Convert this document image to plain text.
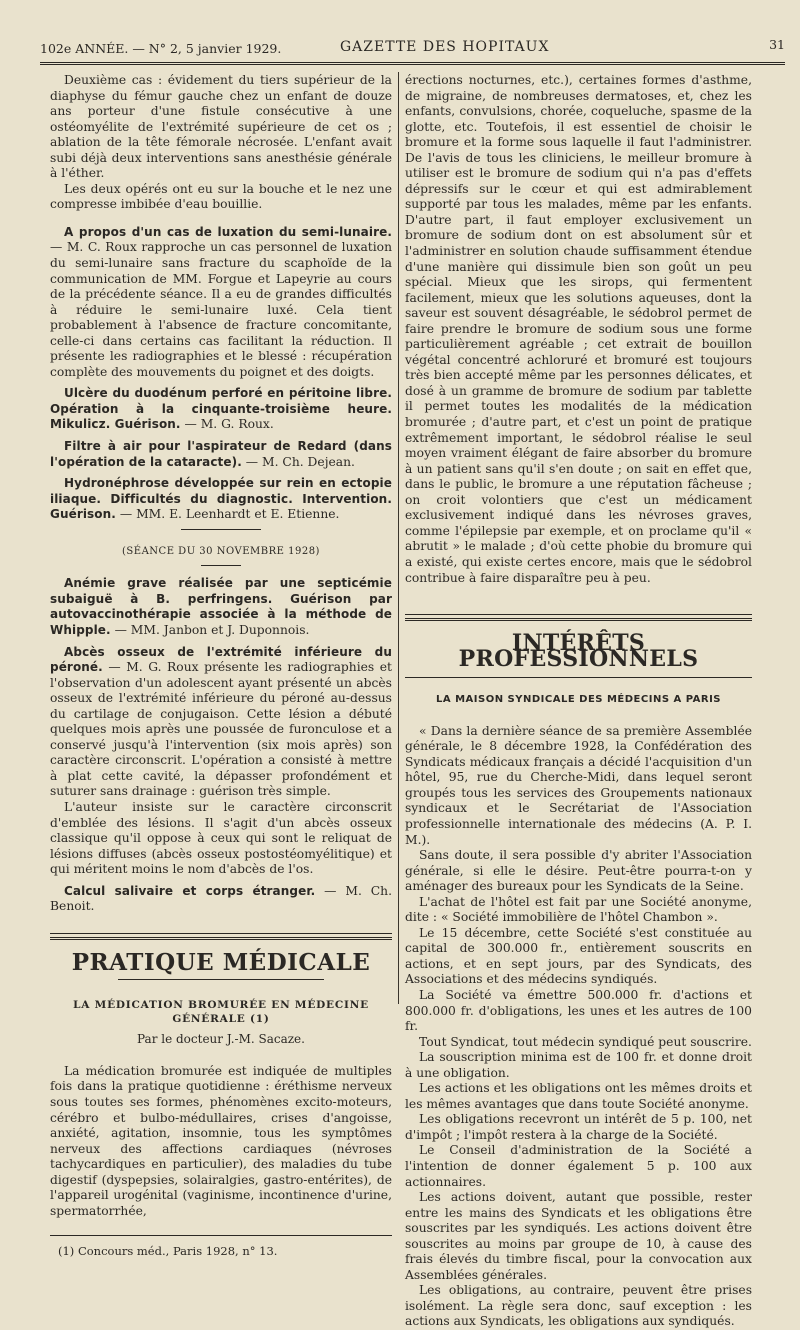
102e ANNÉE. — N° 2, 5 janvier 1929.	GAZETTE DES HOPITAUX	31

Deuxième cas : évidement du tiers supérieur de la diaphyse du fémur gauche chez un enfant de douze ans porteur d'une fistule consécutive à une ostéomyélite de l'extrémité supérieure de cet os ; ablation de la tête fémorale nécrosée. L'enfant avait subi déjà deux interventions sans anesthésie générale à l'éther.

Les deux opérés ont eu sur la bouche et le nez une compresse imbibée d'eau bouillie.

A propos d'un cas de luxation du semi-lunaire. — M. C. Roux rapproche un cas personnel de luxation du semi-lunaire sans fracture du scaphoïde de la communication de MM. Forgue et Lapeyrie au cours de la précédente séance. Il a eu de grandes difficultés à réduire le semi-lunaire luxé. Cela tient probablement à l'absence de fracture concomitante, celle-ci dans certains cas facilitant la réduction. Il présente les radiographies et le blessé : récupération complète des mouvements du poignet et des doigts.

Ulcère du duodénum perforé en péritoine libre. Opération à la cinquante-troisième heure. Mikulicz. Guérison. — M. G. Roux.

Filtre à air pour l'aspirateur de Redard (dans l'opération de la cataracte). — M. Ch. Dejean.

Hydronéphrose développée sur rein en ectopie iliaque. Difficultés du diagnostic. Intervention. Guérison. — MM. E. Leenhardt et E. Etienne.

(SÉANCE DU 30 NOVEMBRE 1928)

Anémie grave réalisée par une septicémie subaiguë à B. perfringens. Guérison par autovaccinothérapie associée à la méthode de Whipple. — MM. Janbon et J. Duponnois.

Abcès osseux de l'extrémité inférieure du péroné. — M. G. Roux présente les radiographies et l'observation d'un adolescent ayant présenté un abcès osseux de l'extrémité inférieure du péroné au-dessus du cartilage de conjugaison. Cette lésion a débuté quelques mois après une poussée de furonculose et a conservé jusqu'à l'intervention (six mois après) son caractère circonscrit. L'opération a consisté à mettre à plat cette cavité, la dépasser profondément et suturer sans drainage : guérison très simple.

L'auteur insiste sur le caractère circonscrit d'emblée des lésions. Il s'agit d'un abcès osseux classique qu'il oppose à ceux qui sont le reliquat de lésions diffuses (abcès osseux postostéomyélitique) et qui méritent moins le nom d'abcès de l'os.

Calcul salivaire et corps étranger. — M. Ch. Benoit.

PRATIQUE MÉDICALE
LA MÉDICATION BROMURÉE EN MÉDECINE GÉNÉRALE (1)
Par le docteur J.-M. Sacaze.

La médication bromurée est indiquée de multiples fois dans la pratique quotidienne : éréthisme nerveux sous toutes ses formes, phénomènes excito-moteurs, cérébro et bulbo-médullaires, crises d'angoisse, anxiété, agitation, insomnie, tous les symptômes nerveux des affections cardiaques (névroses tachycardiques en particulier), des maladies du tube digestif (dyspepsies, solairalgies, gastro-entérites), de l'appareil urogénital (vaginisme, incontinence d'urine, spermatorrhée,

(1) Concours méd., Paris 1928, n° 13.

érections nocturnes, etc.), certaines formes d'asthme, de migraine, de nombreuses dermatoses, et, chez les enfants, convulsions, chorée, coqueluche, spasme de la glotte, etc. Toutefois, il est essentiel de choisir le bromure et la forme sous laquelle il faut l'administrer. De l'avis de tous les cliniciens, le meilleur bromure à utiliser est le bromure de sodium qui n'a pas d'effets dépressifs sur le cœur et qui est admirablement supporté par tous les malades, même par les enfants. D'autre part, il faut employer exclusivement un bromure de sodium dont on est absolument sûr et l'administrer en solution chaude suffisamment étendue d'une manière qui dissimule bien son goût un peu spécial. Mieux que les sirops, qui fermentent facilement, mieux que les solutions aqueuses, dont la saveur est souvent désagréable, le sédobrol permet de faire prendre le bromure de sodium sous une forme particulièrement agréable ; cet extrait de bouillon végétal concentré achloruré et bromuré est toujours très bien accepté même par les personnes délicates, et dosé à un gramme de bromure de sodium par tablette il permet toutes les modalités de la médication bromurée ; d'autre part, et c'est un point de pratique extrêmement important, le sédobrol réalise le seul moyen vraiment élégant de faire absorber du bromure à un patient sans qu'il s'en doute ; on sait en effet que, dans le public, le bromure a une réputation fâcheuse ; on croit volontiers que c'est un médicament exclusivement indiqué dans les névroses graves, comme l'épilepsie par exemple, et on proclame qu'il « abrutit » le malade ; d'où cette phobie du bromure qui a existé, qui existe certes encore, mais que le sédobrol contribue à faire disparaître peu à peu.

INTÉRÊTS PROFESSIONNELS
LA MAISON SYNDICALE DES MÉDECINS A PARIS

« Dans la dernière séance de sa première Assemblée générale, le 8 décembre 1928, la Confédération des Syndicats médicaux français a décidé l'acquisition d'un hôtel, 95, rue du Cherche-Midi, dans lequel seront groupés tous les services des Groupements nationaux syndicaux et le Secrétariat de l'Association professionnelle internationale des médecins (A. P. I. M.).

Sans doute, il sera possible d'y abriter l'Association générale, si elle le désire. Peut-être pourra-t-on y aménager des bureaux pour les Syndicats de la Seine.

L'achat de l'hôtel est fait par une Société anonyme, dite : « Société immobilière de l'hôtel Chambon ».

Le 15 décembre, cette Société s'est constituée au capital de 300.000 fr., entièrement souscrits en actions, et en sept jours, par des Syndicats, des Associations et des médecins syndiqués.

La Société va émettre 500.000 fr. d'actions et 800.000 fr. d'obligations, les unes et les autres de 100 fr.

Tout Syndicat, tout médecin syndiqué peut souscrire.

La souscription minima est de 100 fr. et donne droit à une obligation.

Les actions et les obligations ont les mêmes droits et les mêmes avantages que dans toute Société anonyme.

Les obligations recevront un intérêt de 5 p. 100, net d'impôt ; l'impôt restera à la charge de la Société.

Le Conseil d'administration de la Société a l'intention de donner également 5 p. 100 aux actionnaires.

Les actions doivent, autant que possible, rester entre les mains des Syndicats et les obligations être souscrites par les syndiqués. Les actions doivent être souscrites au moins par groupe de 10, à cause des frais élevés du timbre fiscal, pour la convocation aux Assemblées générales.

Les obligations, au contraire, peuvent être prises isolément. La règle sera donc, sauf exception : les actions aux Syndicats, les obligations aux syndiqués.
